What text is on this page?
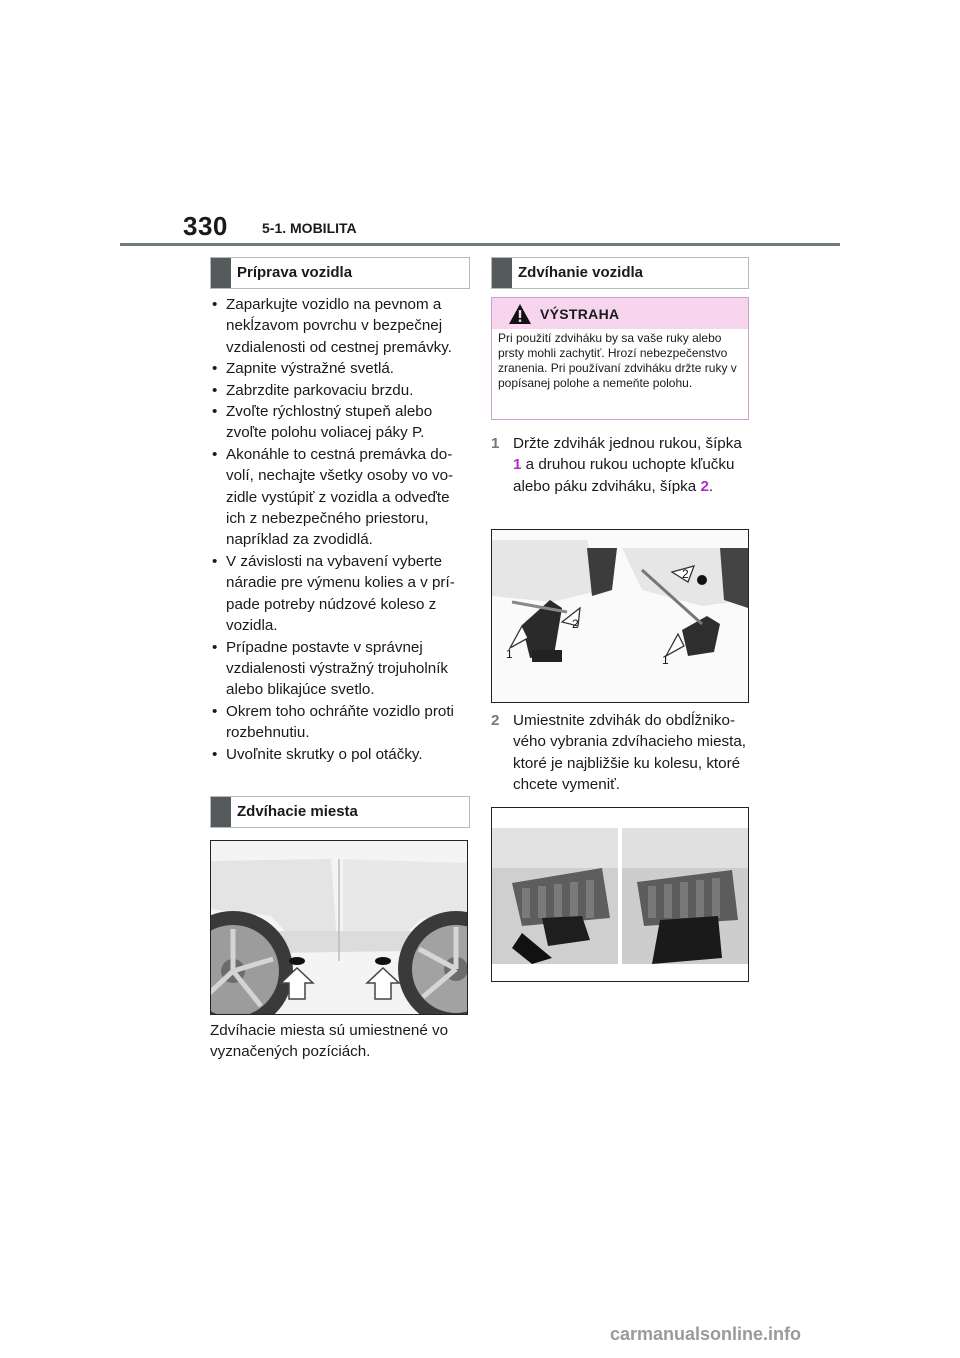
330 5-1. MOBILITA
Príprava vozidla
• Zaparkujte vozidlo na pevnom a nekĺzavom povrchu v bezpečnej vzdialenosti od cestnej premávky.
• Zapnite výstražné svetlá.
• Zabrzdite parkovaciu brzdu.
• Zvoľte rýchlostný stupeň alebo zvoľte polohu voliacej páky P.
• Akonáhle to cestná premávka dovolí, nechajte všetky osoby vo vozidle vystúpiť z vozidla a odveďte ich z nebezpečného priestoru, napríklad za zvodidlá.
• V závislosti na vybavení vyberte náradie pre výmenu kolies a v prípade potreby núdzové koleso z vozidla.
• Prípadne postavte v správnej vzdialenosti výstražný trojuholník alebo blikajúce svetlo.
• Okrem toho ochráňte vozidlo proti rozbehnutiu.
• Uvoľnite skrutky o pol otáčky.
Zdvíhacie miesta
Zdvíhacie miesta sú umiestnené vo vyznačených pozíciách.
Zdvíhanie vozidla
VÝSTRAHA
Pri použití zdviháku by sa vaše ruky alebo prsty mohli zachytiť. Hrozí nebezpečenstvo zranenia. Pri používaní zdviháku držte ruky v popísanej polohe a nemeňte polohu.
1 Držte zdvihák jednou rukou, šípka 1 a druhou rukou uchopte kľučku alebo páku zdviháku, šípka 2.
1
2
2
1
2 Umiestnite zdvihák do obdĺžnikového vybrania zdvíhacieho miesta, ktoré je najbližšie ku kolesu, ktoré chcete vymeniť.
carmanualsonline.info
